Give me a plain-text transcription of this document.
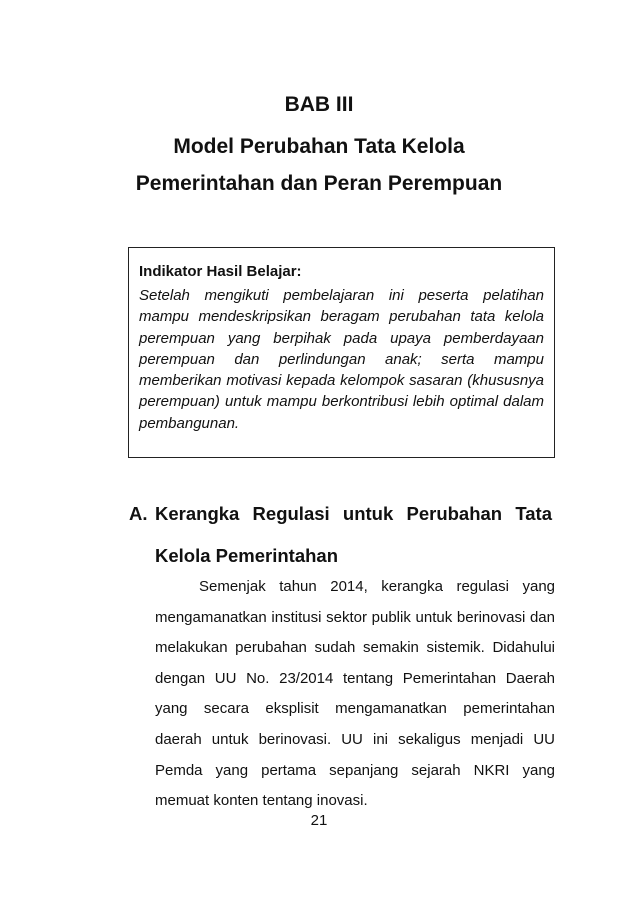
BAB III
Model Perubahan Tata Kelola
Pemerintahan dan Peran Perempuan
Indikator Hasil Belajar:

Setelah mengikuti pembelajaran ini peserta pelatihan mampu mendeskripsikan beragam perubahan tata kelola perempuan yang berpihak pada upaya pemberdayaan perempuan dan perlindungan anak; serta mampu memberikan motivasi kepada kelompok sasaran (khususnya perempuan) untuk mampu berkontribusi lebih optimal dalam pembangunan.

A. Kerangka Regulasi untuk Perubahan Tata Kelola Pemerintahan

Semenjak tahun 2014, kerangka regulasi yang mengamanatkan institusi sektor publik untuk berinovasi dan melakukan perubahan sudah semakin sistemik. Didahului dengan UU No. 23/2014 tentang Pemerintahan Daerah yang secara eksplisit mengamanatkan pemerintahan daerah untuk berinovasi. UU ini sekaligus menjadi UU Pemda yang pertama sepanjang sejarah NKRI yang memuat konten tentang inovasi.

21
